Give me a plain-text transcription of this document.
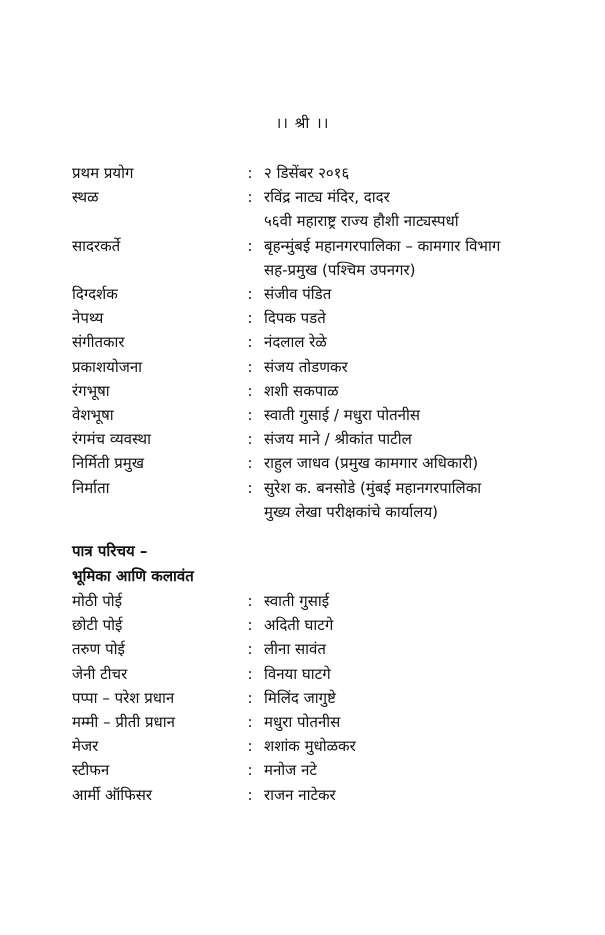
।। श्री ।।
प्रथम प्रयोग	: २ डिसेंबर २०१६
स्थळ	: रविंद्र नाट्य मंदिर, दादर
५६वी महाराष्ट्र राज्य हौशी नाट्यस्पर्धा
सादरकर्ते	: बृहन्मुंबई महानगरपालिका – कामगार विभाग
सह-प्रमुख (पश्चिम उपनगर)
दिग्दर्शक	: संजीव पंडित
नेपथ्य	: दिपक पडते
संगीतकार	: नंदलाल रेळे
प्रकाशयोजना	: संजय तोडणकर
रंगभूषा	: शशी सकपाळ
वेशभूषा	: स्वाती गुसाई / मधुरा पोतनीस
रंगमंच व्यवस्था	: संजय माने / श्रीकांत पाटील
निर्मिती प्रमुख	: राहुल जाधव (प्रमुख कामगार अधिकारी)
निर्माता	: सुरेश क. बनसोडे (मुंबई महानगरपालिका
मुख्य लेखा परीक्षकांचे कार्यालय)
पात्र परिचय –
भूमिका आणि कलावंत
मोठी पोई	: स्वाती गुसाई
छोटी पोई	: अदिती घाटगे
तरुण पोई	: लीना सावंत
जेनी टीचर	: विनया घाटगे
पप्पा – परेश प्रधान	: मिलिंद जागुष्टे
मम्मी – प्रीती प्रधान	: मधुरा पोतनीस
मेजर	: शशांक मुधोळकर
स्टीफन	: मनोज नटे
आर्मी ऑफिसर	: राजन नाटेकर
